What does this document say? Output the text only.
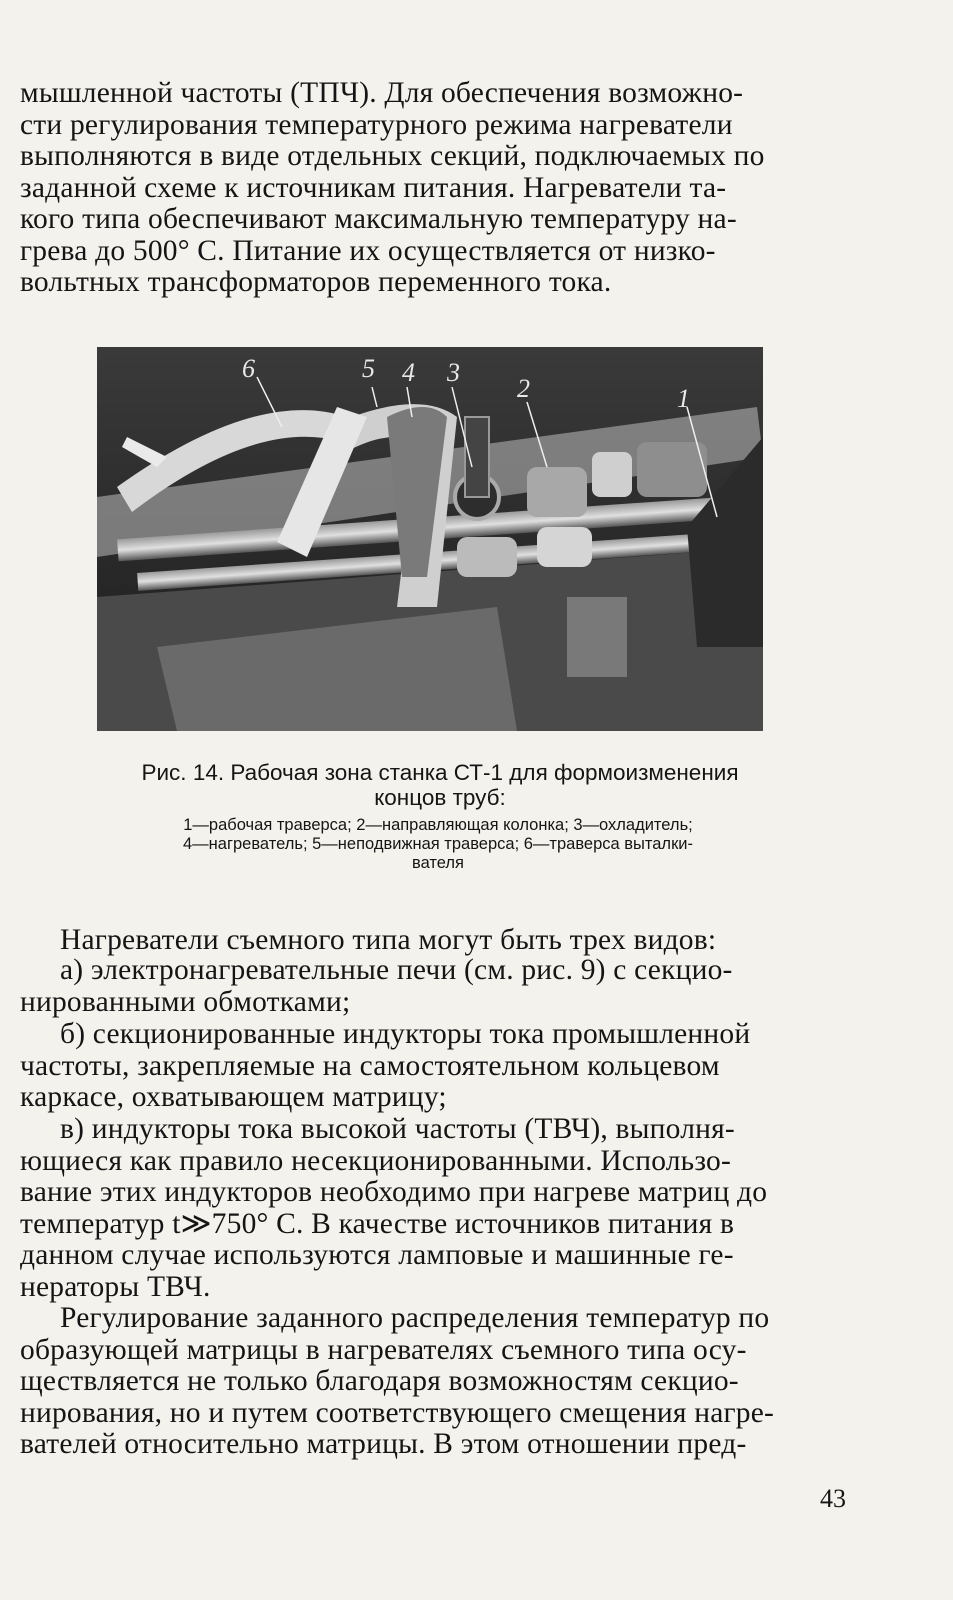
мышленной частоты (ТПЧ). Для обеспечения возможно-
сти регулирования температурного режима нагреватели
выполняются в виде отдельных секций, подключаемых по
заданной схеме к источникам питания. Нагреватели та-
кого типа обеспечивают максимальную температуру на-
грева до 500° С. Питание их осуществляется от низко-
вольтных трансформаторов переменного тока.

6	5 4 3
2	1
Рис. 14. Рабочая зона станка СТ-1 для формоизменения
концов труб:
1—рабочая траверса; 2—направляющая колонка; 3—охладитель;
4—нагреватель; 5—неподвижная траверса; 6—траверса выталки-
вателя

Нагреватели съемного типа могут быть трех видов:

а) электронагревательные печи (см. рис. 9) с секцио-
нированными обмотками;

б) секционированные индукторы тока промышленной
частоты, закрепляемые на самостоятельном кольцевом
каркасе, охватывающем матрицу;

в) индукторы тока высокой частоты (ТВЧ), выполня-
ющиеся как правило несекционированными. Использо-
вание этих индукторов необходимо при нагреве матриц до
температур t≫750° С. В качестве источников питания в
данном случае используются ламповые и машинные ге-
нераторы ТВЧ.

Регулирование заданного распределения температур по
образующей матрицы в нагревателях съемного типа осу-
ществляется не только благодаря возможностям секцио-
нирования, но и путем соответствующего смещения нагре-
вателей относительно матрицы. В этом отношении пред-

43
